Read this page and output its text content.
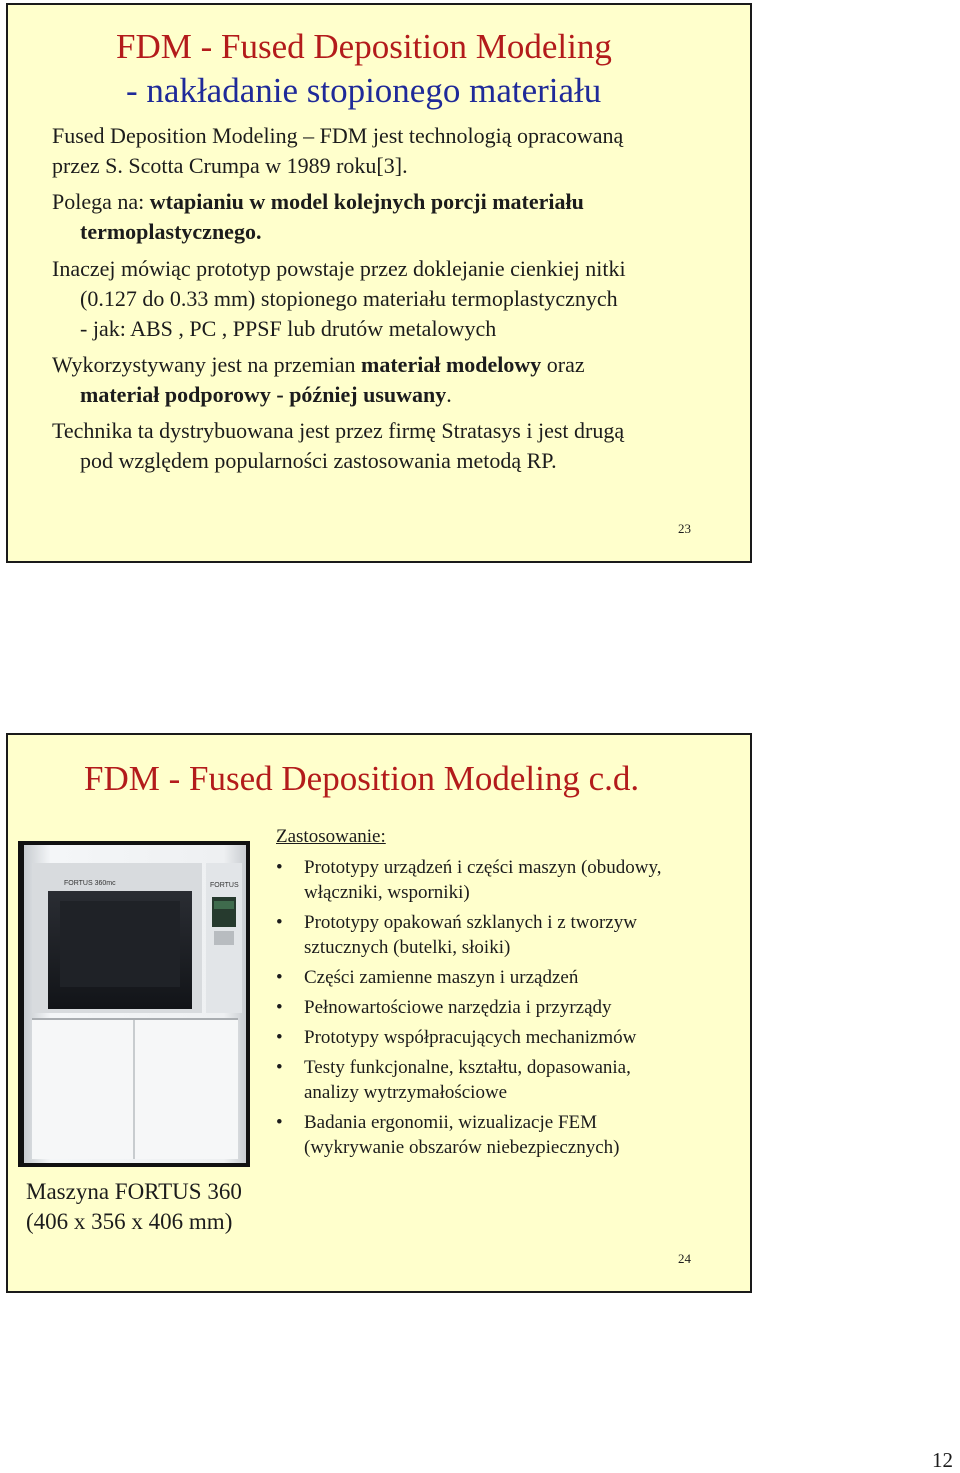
FDM - Fused Deposition Modeling
- nakładanie stopionego materiału
Fused Deposition Modeling – FDM jest technologią opracowaną
przez S. Scotta Crumpa w 1989 roku[3].
Polega na: wtapianiu w model kolejnych porcji materiału
termoplastycznego.
Inaczej mówiąc prototyp powstaje przez doklejanie cienkiej nitki
(0.127 do 0.33 mm) stopionego materiału termoplastycznych
- jak: ABS , PC , PPSF lub drutów metalowych
Wykorzystywany jest na przemian materiał modelowy oraz
materiał podporowy - później usuwany.
Technika ta dystrybuowana jest przez firmę Stratasys i jest drugą
pod względem popularności zastosowania metodą RP.
23
FDM - Fused Deposition Modeling c.d.
FORTUS 360mc	FORTUS
Maszyna FORTUS 360
(406 x 356 x 406 mm)
Zastosowanie:
• Prototypy urządzeń i części maszyn (obudowy,
włączniki, wsporniki)
• Prototypy opakowań szklanych i z tworzyw
sztucznych (butelki, słoiki)
• Części zamienne maszyn i urządzeń
• Pełnowartościowe narzędzia i przyrządy
• Prototypy współpracujących mechanizmów
• Testy funkcjonalne, kształtu, dopasowania,
analizy wytrzymałościowe
• Badania ergonomii, wizualizacje FEM
(wykrywanie obszarów niebezpiecznych)
24
12
